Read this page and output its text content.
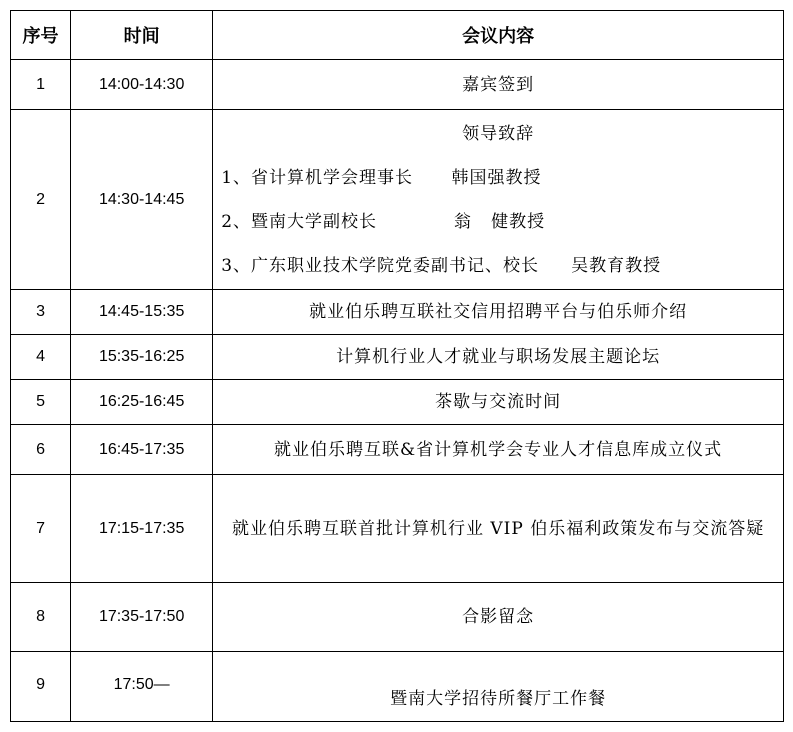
序号	时间	会议内容
1	14:00-14:30	嘉宾签到

2	14:30-14:45	领导致辞
1、省计算机学会理事长      韩国强教授
2、暨南大学副校长            翁   健教授
3、广东职业技术学院党委副书记、校长     吴教育教授

3	14:45-15:35	就业伯乐聘互联社交信用招聘平台与伯乐师介绍

4	15:35-16:25	计算机行业人才就业与职场发展主题论坛

5	16:25-16:45	茶歇与交流时间

6	16:45-17:35	就业伯乐聘互联&省计算机学会专业人才信息库成立仪式

7	17:15-17:35	就业伯乐聘互联首批计算机行业 VIP 伯乐福利政策发布与交流答疑

8	17:35-17:50	合影留念

9	17:50—	暨南大学招待所餐厅工作餐
